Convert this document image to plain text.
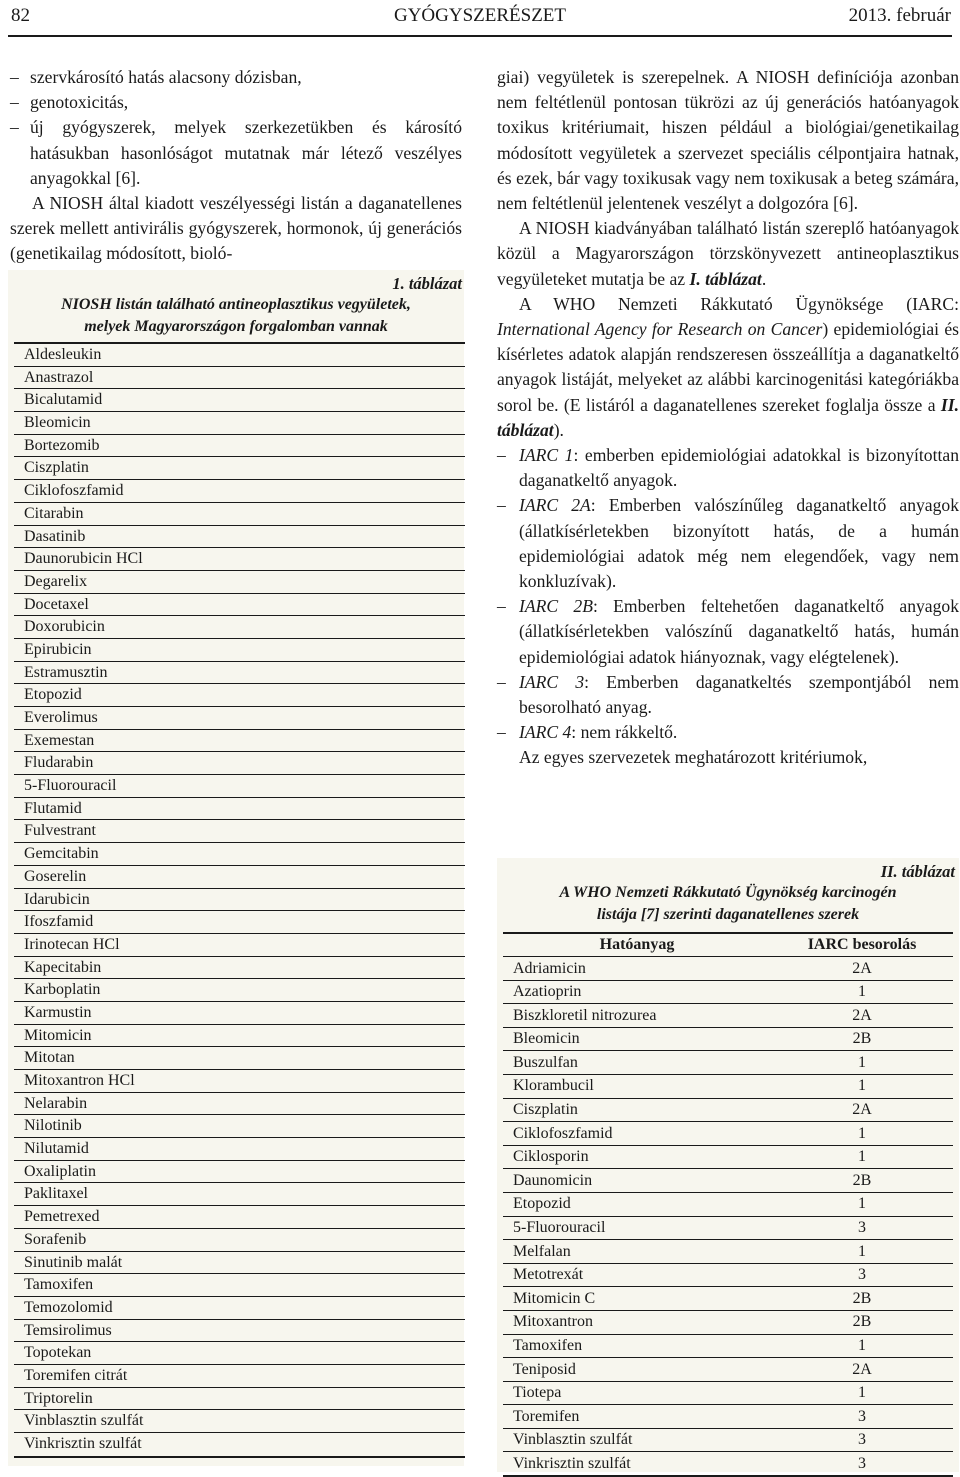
82	GYÓGYSZERÉSZET	2013. február
– szervkárosító hatás alacsony dózisban,
– genotoxicitás,
– új gyógyszerek, melyek szerkezetükben és károsító hatásukban hasonlóságot mutatnak már létező veszélyes anyagokkal [6].

A NIOSH által kiadott veszélyességi listán a daganatellenes szerek mellett antivirális gyógyszerek, hormonok, új generációs (genetikailag módosított, bioló-

1. táblázat
NIOSH listán található antineoplasztikus vegyületek,
melyek Magyarországon forgalomban vannak
Aldesleukin
Anastrazol
Bicalutamid
Bleomicin
Bortezomib
Ciszplatin
Ciklofoszfamid
Citarabin
Dasatinib
Daunorubicin HCl
Degarelix
Docetaxel
Doxorubicin
Epirubicin
Estramusztin
Etopozid
Everolimus
Exemestan
Fludarabin
5-Fluorouracil
Flutamid
Fulvestrant
Gemcitabin
Goserelin
Idarubicin
Ifoszfamid
Irinotecan HCl
Kapecitabin
Karboplatin
Karmustin
Mitomicin
Mitotan
Mitoxantron HCl
Nelarabin
Nilotinib
Nilutamid
Oxaliplatin
Paklitaxel
Pemetrexed
Sorafenib
Sinutinib malát
Tamoxifen
Temozolomid
Temsirolimus
Topotekan
Toremifen citrát
Triptorelin
Vinblasztin szulfát
Vinkrisztin szulfát

giai) vegyületek is szerepelnek. A NIOSH definíciója azonban nem feltétlenül pontosan tükrözi az új generációs hatóanyagok toxikus kritériumait, hiszen például a biológiai/genetikailag módosított vegyületek a szervezet speciális célpontjaira hatnak, és ezek, bár vagy toxikusak vagy nem toxikusak a beteg számára, nem feltétlenül jelentenek veszélyt a dolgozóra [6].

A NIOSH kiadványában található listán szereplő hatóanyagok közül a Magyarországon törzskönyvezett antineoplasztikus vegyületeket mutatja be az I. táblázat.

A WHO Nemzeti Rákkutató Ügynöksége (IARC: International Agency for Research on Cancer) epidemiológiai és kísérletes adatok alapján rendszeresen összeállítja a daganatkeltő anyagok listáját, melyeket az alábbi karcinogenitási kategóriákba sorol be. (E listáról a daganatellenes szereket foglalja össze a II. táblázat).

– IARC 1: emberben epidemiológiai adatokkal is bizonyítottan daganatkeltő anyagok.
– IARC 2A: Emberben valószínűleg daganatkeltő anyagok (állatkísérletekben bizonyított hatás, de a humán epidemiológiai adatok még nem elegendőek, vagy nem konkluzívak).
– IARC 2B: Emberben feltehetően daganatkeltő anyagok (állatkísérletekben valószínű daganatkeltő hatás, humán epidemiológiai adatok hiányoznak, vagy elégtelenek).
– IARC 3: Emberben daganatkeltés szempontjából nem besorolható anyag.
– IARC 4: nem rákkeltő.

Az egyes szervezetek meghatározott kritériumok,

II. táblázat
A WHO Nemzeti Rákkutató Ügynökség karcinogén
listája [7] szerinti daganatellenes szerek
Hatóanyag	IARC besorolás
Adriamicin	2A
Azatioprin	1
Biszkloretil nitrozurea	2A
Bleomicin	2B
Buszulfan	1
Klorambucil	1
Ciszplatin	2A
Ciklofoszfamid	1
Ciklosporin	1
Daunomicin	2B
Etopozid	1
5-Fluorouracil	3
Melfalan	1
Metotrexát	3
Mitomicin C	2B
Mitoxantron	2B
Tamoxifen	1
Teniposid	2A
Tiotepa	1
Toremifen	3
Vinblasztin szulfát	3
Vinkrisztin szulfát	3
